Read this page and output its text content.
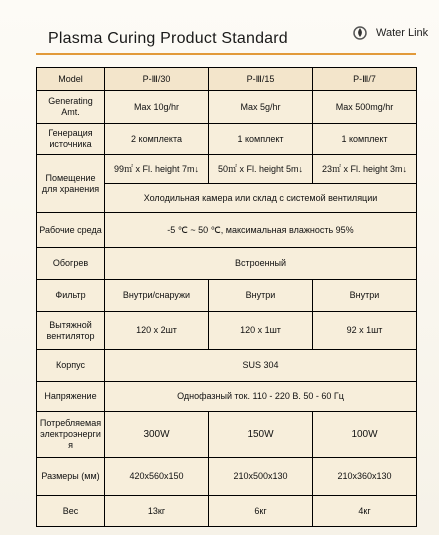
Plasma Curing Product Standard	Water Link
Model	P-Ⅲ/30	P-Ⅲ/15	P-Ⅲ/7
Generating Amt.	Max 10g/hr	Max 5g/hr	Max 500mg/hr
Генерация источника	2 комплекта	1 комплект	1 комплект
Помещение для хранения	99㎡ x Fl. height 7m↓	50㎡ x Fl. height 5m↓	23㎡ x Fl. height 3m↓
	Холодильная камера или склад с системой вентиляции		
Рабочие среда	-5 ℃ ~ 50 ℃, максимальная влажность 95%		
Обогрев	Встроенный		
Фильтр	Внутри/снаружи	Внутри	Внутри
Вытяжной вентилятор	120 x 2шт	120 x 1шт	92 x 1шт
Корпус	SUS 304		
Напряжение	Однофазный ток. 110 - 220 В. 50 - 60 Гц		
Потребляемая электроэнергия	300W	150W	100W
Размеры (мм)	420x560x150	210x500x130	210x360x130
Вес	13кг	6кг	4кг
